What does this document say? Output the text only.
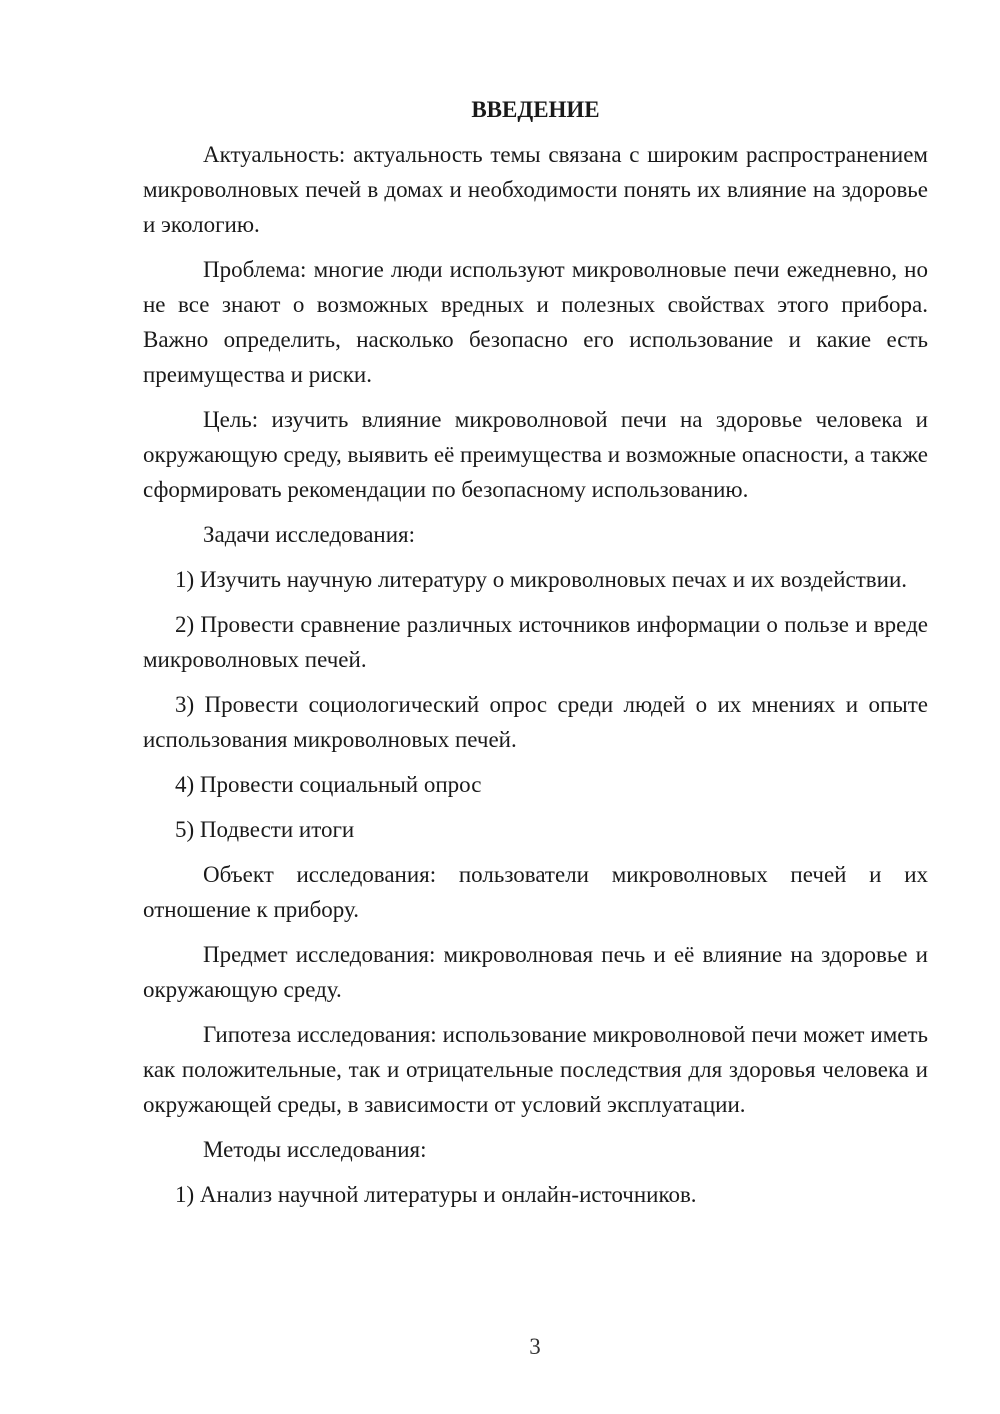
ВВЕДЕНИЕ

Актуальность: актуальность темы связана с широким распространением микроволновых печей в домах и необходимости понять их влияние на здоровье и экологию.

Проблема: многие люди используют микроволновые печи ежедневно, но не все знают о возможных вредных и полезных свойствах этого прибора. Важно определить, насколько безопасно его использование и какие есть преимущества и риски.

Цель: изучить влияние микроволновой печи на здоровье человека и окружающую среду, выявить её преимущества и возможные опасности, а также сформировать рекомендации по безопасному использованию.

Задачи исследования:

1) Изучить научную литературу о микроволновых печах и их воздействии.

2) Провести сравнение различных источников информации о пользе и вреде микроволновых печей.

3) Провести социологический опрос среди людей о их мнениях и опыте использования микроволновых печей.

4) Провести социальный опрос

5) Подвести итоги

Объект исследования: пользователи микроволновых печей и их отношение к прибору.

Предмет исследования: микроволновая печь и её влияние на здоровье и окружающую среду.

Гипотеза исследования: использование микроволновой печи может иметь как положительные, так и отрицательные последствия для здоровья человека и окружающей среды, в зависимости от условий эксплуатации.

Методы исследования:

1) Анализ научной литературы и онлайн-источников.

3
